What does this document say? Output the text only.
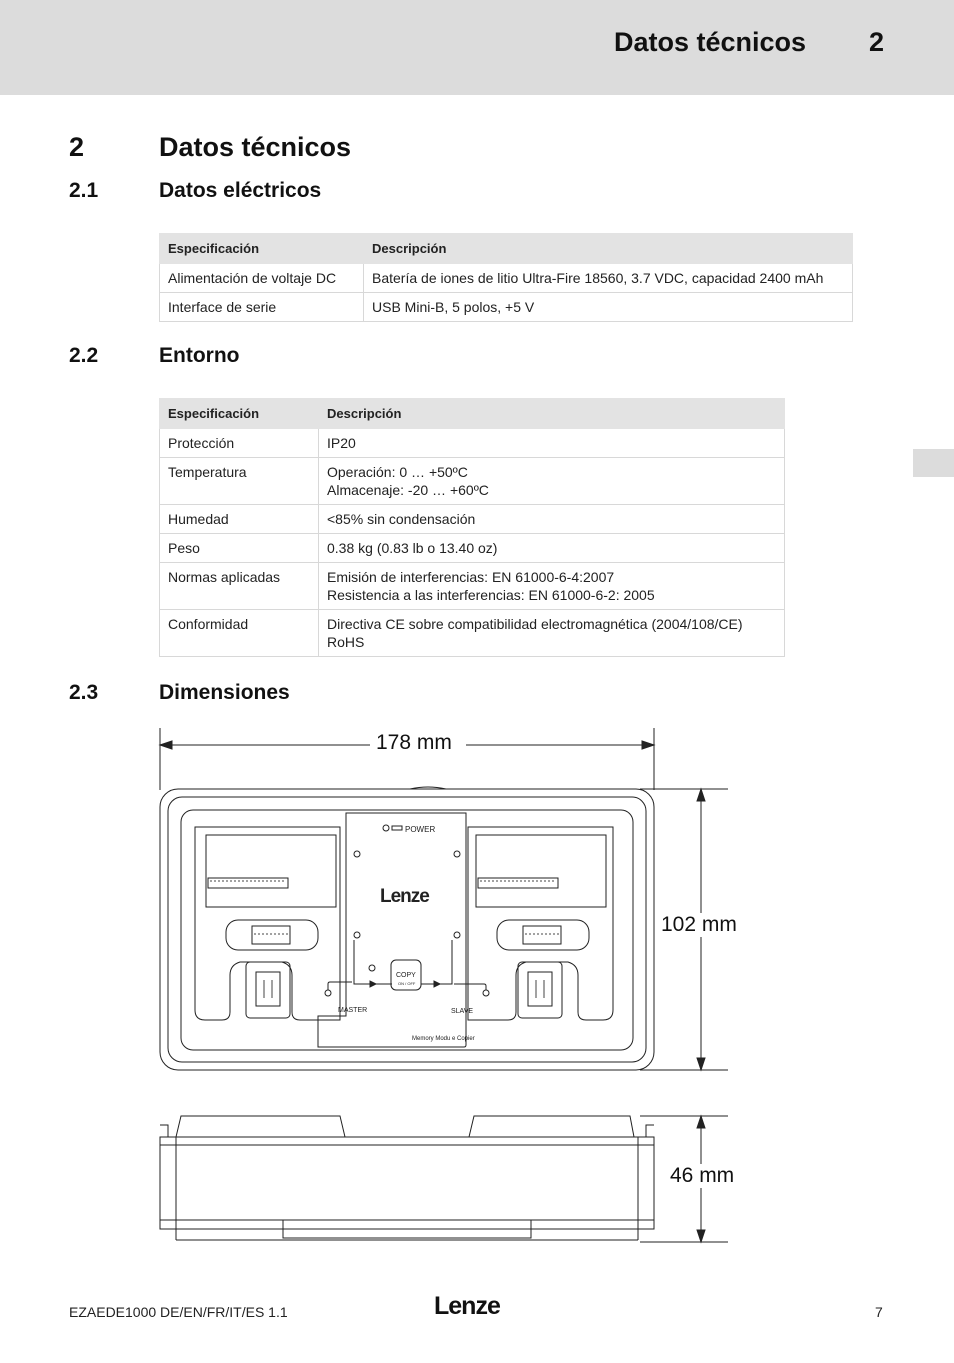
Datos técnicos 2
2	Datos técnicos
2.1	Datos eléctricos
Especificación	Descripción
Alimentación de voltaje DC	Batería de iones de litio Ultra-Fire 18560, 3.7 VDC, capacidad 2400 mAh

Interface de serie	USB Mini-B, 5 polos, +5 V
2.2	Entorno
Especificación	Descripción
Protección	IP20

Temperatura	Operación: 0 … +50ºC
Almacenaje: -20 … +60ºC

Humedad	<85% sin condensación

Peso	0.38 kg (0.83 lb o 13.40 oz)

Normas aplicadas	Emisión de interferencias: EN 61000-6-4:2007
Resistencia a las interferencias: EN 61000-6-2: 2005

Conformidad	Directiva CE sobre compatibilidad electromagnética (2004/108/CE)
RoHS
2.3	Dimensiones
POWER
Lenze
COPY
ON / OFF
MASTER	SLAVE
Memory Modu e Copier
178 mm
102 mm
46 mm
EZAEDE1000 DE/EN/FR/IT/ES 1.1	Lenze	7
